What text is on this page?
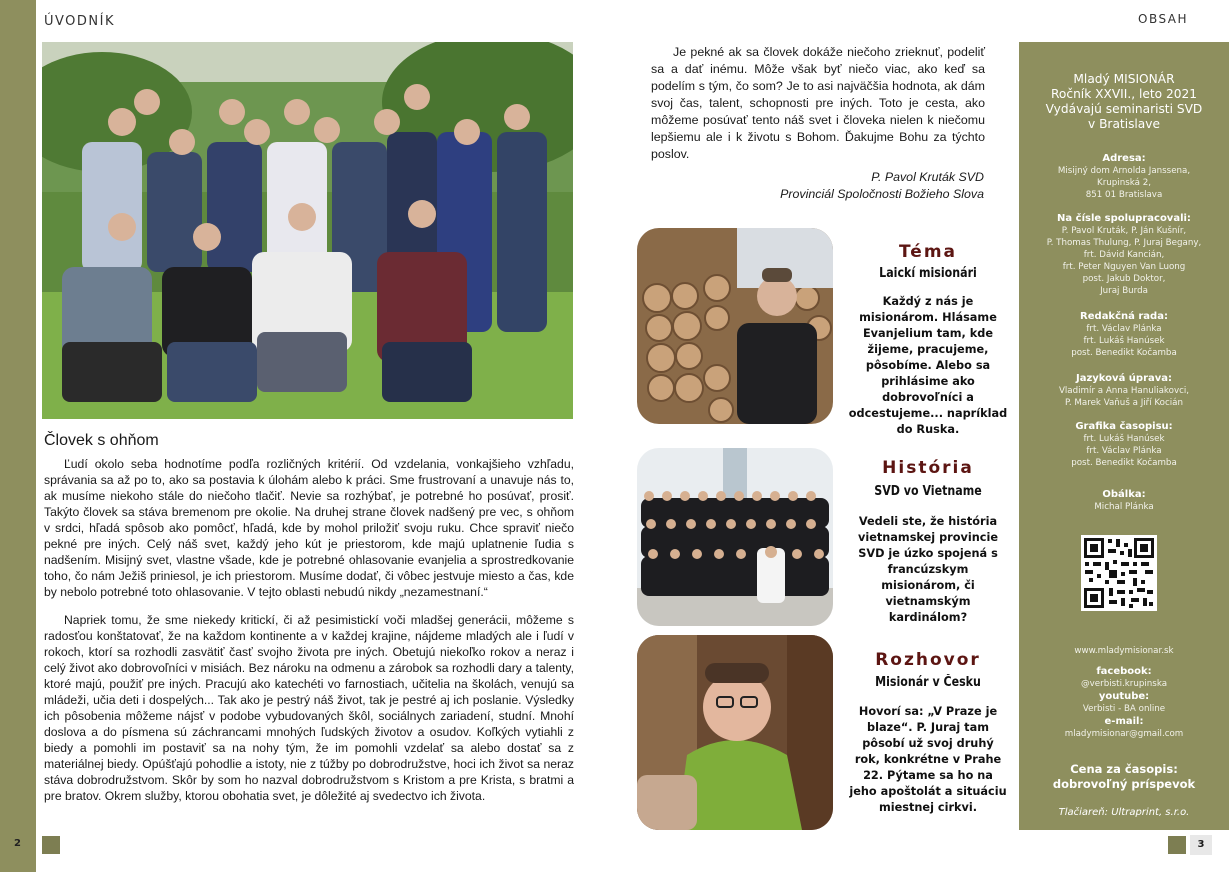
ÚVODNÍK	OBSAH
Človek s ohňom

Ľudí okolo seba hodnotíme podľa rozličných kritérií. Od vzdelania, vonkajšieho vzhľadu, správania sa až po to, ako sa postavia k úlohám alebo k práci. Sme frustrovaní a unavuje nás to, ak musíme niekoho stále do niečoho tlačiť. Nevie sa rozhýbať, je potrebné ho posúvať, prosiť. Takýto človek sa stáva bremenom pre okolie. Na druhej strane človek nadšený pre vec, s ohňom v srdci, hľadá spôsob ako pomôcť, hľadá, kde by mohol priložiť svoju ruku. Chce spraviť niečo pekné pre iných. Celý náš svet, každý jeho kút je priestorom, kde majú uplatnenie ľudia s nadšením. Misijný svet, vlastne všade, kde je potrebné ohlasovanie evanjelia a sprostredkovanie toho, čo nám Ježiš priniesol, je ich priestorom. Musíme dodať, či vôbec jestvuje miesto a čas, kde by nebolo potrebné toto ohlasovanie. V tejto oblasti nebudú nikdy „nezamestnaní.“

Napriek tomu, že sme niekedy kritickí, či až pesimistickí voči mladšej generácii, môžeme s radosťou konštatovať, že na každom kontinente a v každej krajine, nájdeme mladých ale i ľudí v rokoch, ktorí sa rozhodli zasvätiť časť svojho života pre iných. Obetujú niekoľko rokov a neraz i celý život ako dobrovoľníci v misiách. Bez nároku na odmenu a zárobok sa rozhodli dary a talenty, ktoré majú, použiť pre iných. Pracujú ako katechéti vo farnostiach, učitelia na školách, venujú sa mládeži, učia deti i dospelých... Tak ako je pestrý náš život, tak je pestré aj ich poslanie. Výsledky ich pôsobenia môžeme nájsť v podobe vybudovaných škôl, sociálnych zariadení, studní. Mnohí doslova a do písmena sú záchrancami mnohých ľudských životov a osudov. Koľkých vytiahli z biedy a pomohli im postaviť sa na nohy tým, že im pomohli vzdelať sa alebo dostať sa z materiálnej biedy. Opúšťajú pohodlie a istoty, nie z túžby po dobrodružstve, hoci ich život sa neraz stáva dobrodružstvom. Skôr by som ho nazval dobrodružstvom s Kristom a pre Krista, s bratmi a pre bratov. Okrem služby, ktorou obohatia svet, je dôležité aj svedectvo ich života.

Je pekné ak sa človek dokáže niečoho zrieknuť, podeliť sa a dať inému. Môže však byť niečo viac, ako keď sa podelím s tým, čo som? Je to asi najväčšia hodnota, ak dám svoj čas, talent, schopnosti pre iných. Toto je cesta, ako môžeme posúvať tento náš svet i človeka nielen k niečomu lepšiemu ale i k životu s Bohom. Ďakujme Bohu za týchto poslov.

P. Pavol Kruták SVD
Provinciál Spoločnosti Božieho Slova
Téma
Laickí misionári
Každý z nás je misionárom. Hlásame Evanjelium tam, kde žijeme, pracujeme, pôsobíme. Alebo sa prihlásime ako dobrovoľníci a odcestujeme... napríklad do Ruska.
História
SVD vo Vietname
Vedeli ste, že história vietnamskej provincie SVD je úzko spojená s francúzskym misionárom, či vietnamským kardinálom?
Rozhovor
Misionár v Česku
Hovorí sa: „V Praze je blaze“. P. Juraj tam pôsobí už svoj druhý rok, konkrétne v Prahe 22. Pýtame sa ho na jeho apoštolát a situáciu miestnej cirkvi.
Mladý MISIONÁR
Ročník XXVII., leto 2021
Vydávajú seminaristi SVD
v Bratislave
Adresa:
Misijný dom Arnolda Janssena,
Krupinská 2,
851 01 Bratislava
Na čísle spolupracovali:
P. Pavol Kruták, P. Ján Kušnír,
P. Thomas Thulung, P. Juraj Begany,
frt. Dávid Kancián,
frt. Peter Nguyen Van Luong
post. Jakub Doktor,
Juraj Burda
Redakčná rada:
frt. Václav Plánka
frt. Lukáš Hanúsek
post. Benedikt Kočamba
Jazyková úprava:
Vladimír a Anna Hanuliakovci,
P. Marek Vaňuš a Jiří Kocián
Grafika časopisu:
frt. Lukáš Hanúsek
frt. Václav Plánka
post. Benedikt Kočamba
Obálka:
Michal Plánka
www.mladymisionar.sk
facebook:
@verbisti.krupinska
youtube:
Verbisti - BA online
e-mail:
mladymisionar@gmail.com
Cena za časopis:
dobrovoľný príspevok
Tlačiareň: Ultraprint, s.r.o.
2	3
